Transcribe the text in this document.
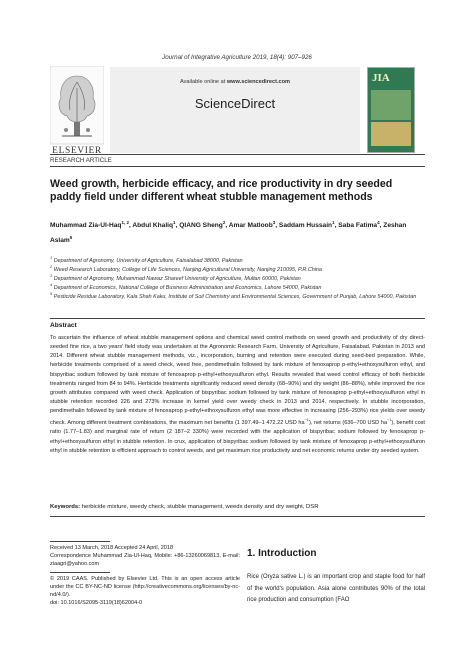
Journal of Integrative Agriculture 2019, 18(4): 907–926
ELSEVIER
Available online at www.sciencedirect.com
ScienceDirect
JIA
RESEARCH ARTICLE
Weed growth, herbicide efficacy, and rice productivity in dry seeded paddy field under different wheat stubble management methods
Muhammad Zia-Ul-Haq$^{1, 2}$, Abdul Khaliq$^1$, QIANG Sheng$^2$, Amar Matloob$^3$, Saddam Hussain$^1$, Saba Fatima$^4$, Zeshan Aslam$^5$
$^1$ Department of Agronomy, University of Agriculture, Faisalabad 38000, Pakistan
$^2$ Weed Research Laboratory, College of Life Sciences, Nanjing Agricultural University, Nanjing 210095, P.R.China
$^3$ Department of Agronomy, Muhammad Nawaz Shareef University of Agriculture, Multan 60000, Pakistan
$^4$ Department of Economics, National College of Business Administration and Economics, Lahore 54000, Pakistan
$^5$ Pesticide Residue Laboratory, Kala Shah Kaku, Institute of Soil Chemistry and Environmental Sciences, Government of Punjab, Lahore 54000, Pakistan
Abstract
To ascertain the influence of wheat stubble management options and chemical weed control methods on weed growth and productivity of dry direct-seeded fine rice, a two years' field study was undertaken at the Agronomic Research Farm, University of Agriculture, Faisalabad, Pakistan in 2013 and 2014. Different wheat stubble management methods, viz., incorporation, burning and retention were executed during seed-bed preparation. While, herbicide treatments comprised of a weed check, weed free, pendimethalin followed by tank mixture of fenoxaprop p-ethyl+ethoxysulfuron ethyl, and bispyribac sodium followed by tank mixture of fenoxaprop p-ethyl+ethoxysulfuron ethyl. Results revealed that weed control efficacy of both herbicide treatments ranged from 84 to 94%. Herbicide treatments significantly reduced weed density (68–90%) and dry weight (86–88%), while improved the rice growth attributes compared with weed check. Application of bispyribac sodium followed by tank mixture of fenoxaprop p-ethyl+ethoxysulfuron ethyl in stubble retention recorded 226 and 273% increase in kernel yield over weedy check in 2013 and 2014, respectively. In stubble incorporation, pendimethalin followed by tank mixture of fenoxaprop p-ethyl+ethoxysulfuron ethyl was more effective in increasing (256–293%) rice yields over weedy check. Among different treatment combinations, the maximum net benefits (1 397.49–1 472.22 USD $ha^{-1}$), net returns (636–700 USD $ha^{-1}$), benefit cost ratio (1.77–1.83) and marginal rate of return (2 187–2 330%) were recorded with the application of bispyribac sodium followed by fenoxaprop p-ethyl+ethoxysulfuron ethyl in stubble retention. In crux, application of bispyribac sodium followed by tank mixture of fenoxaprop p-ethyl+ethoxysulfuron ethyl in stubble retention is efficient approach to control weeds, and get maximum rice productivity and net economic returns under dry seeded system.
Keywords: herbicide mixture, weedy check, stubble management, weeds density and dry weight, DSR
Received 13 March, 2018 Accepted 24 April, 2018
Correspondence Muhammad Zia-Ul-Haq, Mobile: +86-13260069813, E-mail: ziaagri@yahoo.com
© 2019 CAAS. Published by Elsevier Ltd. This is an open access article under the CC BY-NC-ND license (http://creativecommons.org/licenses/by-nc-nd/4.0/).
doi: 10.1016/S2095-3119(18)62004-0
1. Introduction
Rice (Oryza sative L.) is an important crop and staple food for half of the world's population. Asia alone contributes 90% of the total rice production and consumption (FAO
